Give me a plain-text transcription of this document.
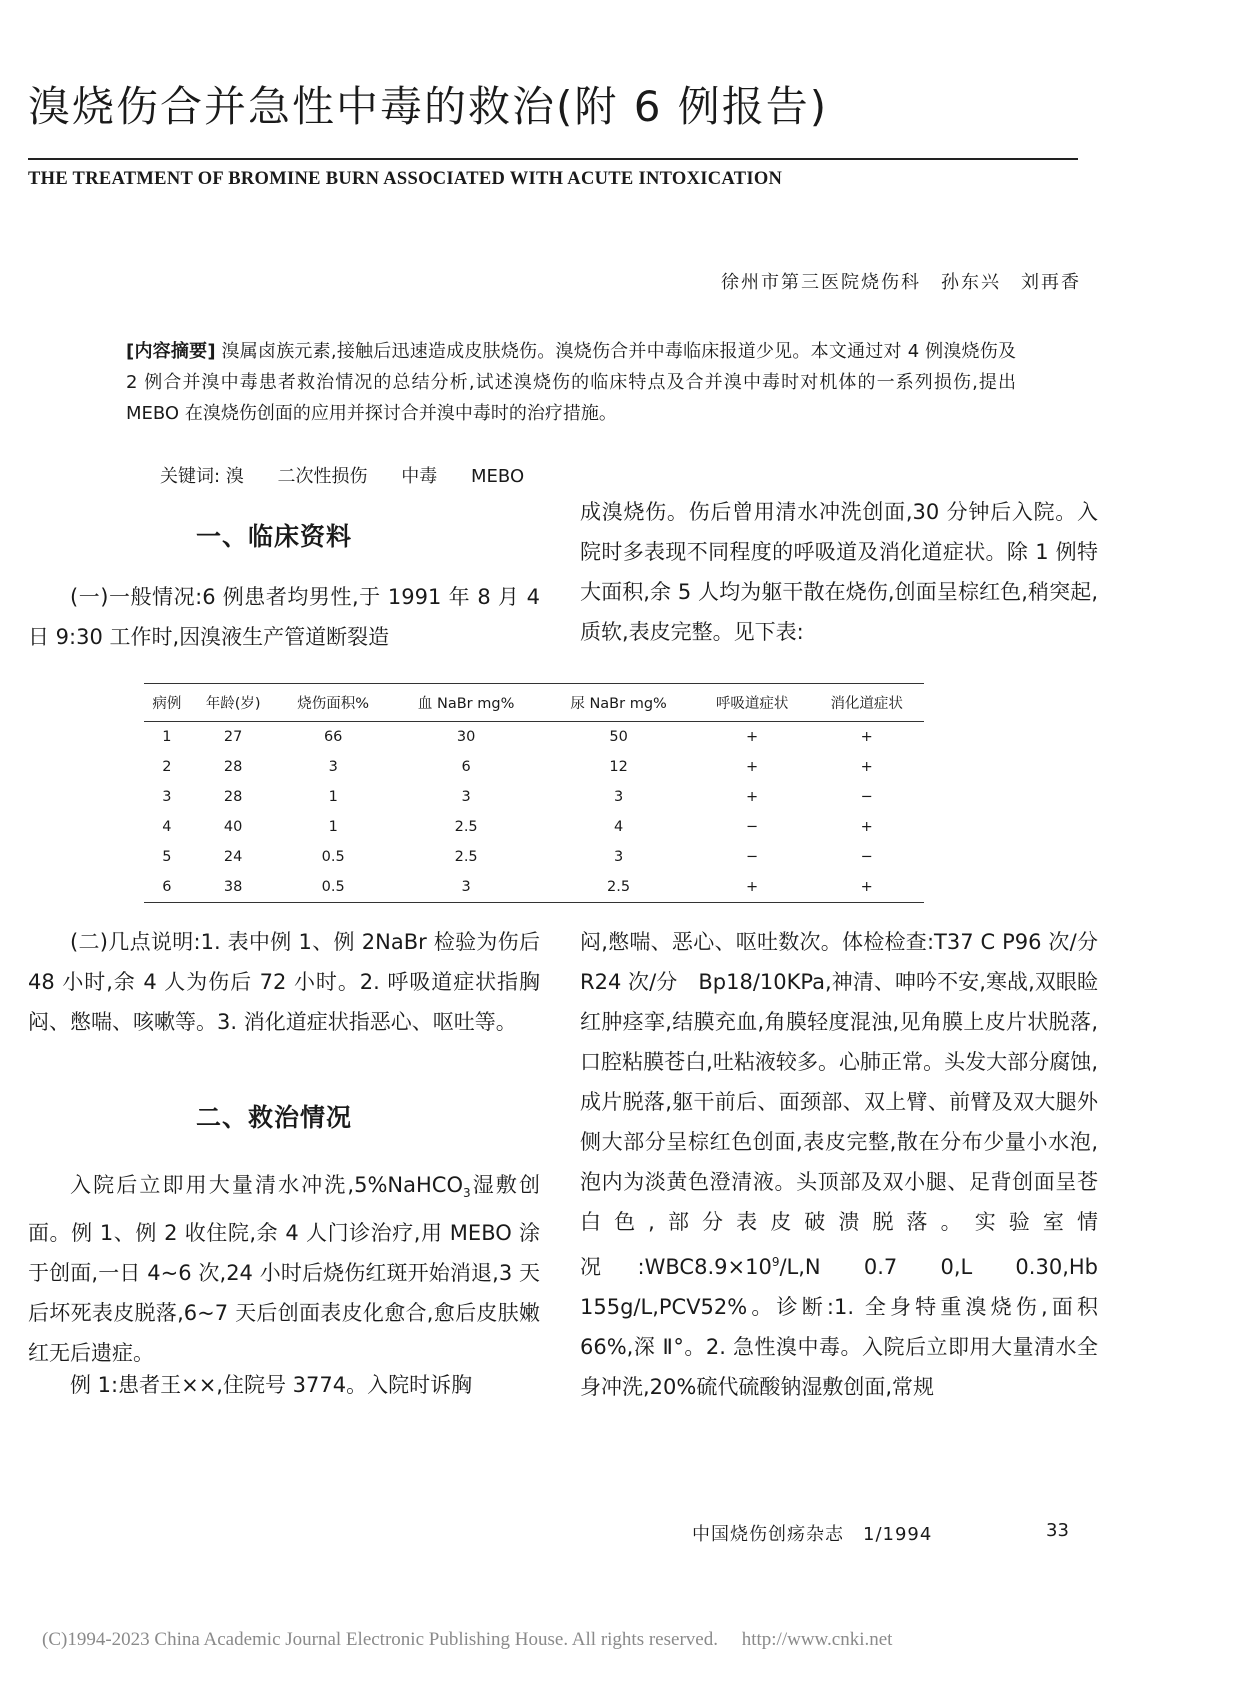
溴烧伤合并急性中毒的救治(附 6 例报告)
THE TREATMENT OF BROMINE BURN ASSOCIATED WITH ACUTE INTOXICATION
徐州市第三医院烧伤科　孙东兴　刘再香
[内容摘要] 溴属卤族元素,接触后迅速造成皮肤烧伤。溴烧伤合并中毒临床报道少见。本文通过对 4 例溴烧伤及 2 例合并溴中毒患者救治情况的总结分析,试述溴烧伤的临床特点及合并溴中毒时对机体的一系列损伤,提出 MEBO 在溴烧伤创面的应用并探讨合并溴中毒时的治疗措施。
关键词: 溴 二次性损伤 中毒 MEBO
一、临床资料
(一)一般情况:6 例患者均男性,于 1991 年 8 月 4 日 9:30 工作时,因溴液生产管道断裂造
成溴烧伤。伤后曾用清水冲洗创面,30 分钟后入院。入院时多表现不同程度的呼吸道及消化道症状。除 1 例特大面积,余 5 人均为躯干散在烧伤,创面呈棕红色,稍突起,质软,表皮完整。见下表:
病例	年龄(岁)	烧伤面积%	血 NaBr mg%	尿 NaBr mg%	呼吸道症状	消化道症状
1	27	66	30	50	+	+
2	28	3	6	12	+	+
3	28	1	3	3	+	−
4	40	1	2.5	4	−	+
5	24	0.5	2.5	3	−	−
6	38	0.5	3	2.5	+	+
(二)几点说明:1. 表中例 1、例 2NaBr 检验为伤后 48 小时,余 4 人为伤后 72 小时。2. 呼吸道症状指胸闷、憋喘、咳嗽等。3. 消化道症状指恶心、呕吐等。
二、救治情况
入院后立即用大量清水冲洗,5%NaHCO$_3$湿敷创面。例 1、例 2 收住院,余 4 人门诊治疗,用 MEBO 涂于创面,一日 4~6 次,24 小时后烧伤红斑开始消退,3 天后坏死表皮脱落,6~7 天后创面表皮化愈合,愈后皮肤嫩红无后遗症。
例 1:患者王××,住院号 3774。入院时诉胸
闷,憋喘、恶心、呕吐数次。体检检查:T37 C P96 次/分 R24 次/分　Bp18/10KPa,神清、呻吟不安,寒战,双眼睑红肿痉挛,结膜充血,角膜轻度混浊,见角膜上皮片状脱落,口腔粘膜苍白,吐粘液较多。心肺正常。头发大部分腐蚀,成片脱落,躯干前后、面颈部、双上臂、前臂及双大腿外侧大部分呈棕红色创面,表皮完整,散在分布少量小水泡,泡内为淡黄色澄清液。头顶部及双小腿、足背创面呈苍白色,部分表皮破溃脱落。实验室情况$:WBC8.9\times 10^9/L,N$ 0.7 0,L 0.30,Hb 155g/L,PCV52%。诊断:1. 全身特重溴烧伤,面积 66%,深 Ⅱ°。2. 急性溴中毒。入院后立即用大量清水全身冲洗,20%硫代硫酸钠湿敷创面,常规
中国烧伤创疡杂志　1/1994	33
(C)1994-2023 China Academic Journal Electronic Publishing House. All rights reserved.　 http://www.cnki.net
